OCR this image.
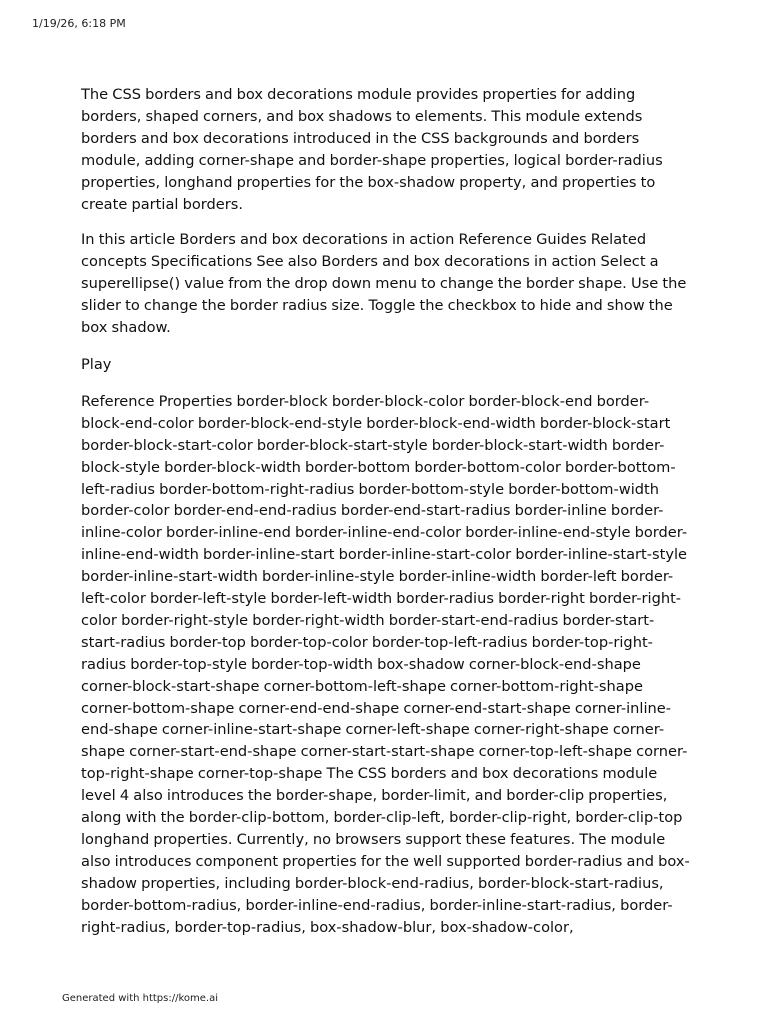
1/19/26, 6:18 PM

The CSS borders and box decorations module provides properties for adding borders, shaped corners, and box shadows to elements. This module extends borders and box decorations introduced in the CSS backgrounds and borders module, adding corner-shape and border-shape properties, logical border-radius properties, longhand properties for the box-shadow property, and properties to create partial borders.

In this article Borders and box decorations in action Reference Guides Related concepts Specifications See also Borders and box decorations in action Select a superellipse() value from the drop down menu to change the border shape. Use the slider to change the border radius size. Toggle the checkbox to hide and show the box shadow.

Play

Reference Properties border-block border-block-color border-block-end border-block-end-color border-block-end-style border-block-end-width border-block-start border-block-start-color border-block-start-style border-block-start-width border-block-style border-block-width border-bottom border-bottom-color border-bottom-left-radius border-bottom-right-radius border-bottom-style border-bottom-width border-color border-end-end-radius border-end-start-radius border-inline border-inline-color border-inline-end border-inline-end-color border-inline-end-style border-inline-end-width border-inline-start border-inline-start-color border-inline-start-style border-inline-start-width border-inline-style border-inline-width border-left border-left-color border-left-style border-left-width border-radius border-right border-right-color border-right-style border-right-width border-start-end-radius border-start-start-radius border-top border-top-color border-top-left-radius border-top-right-radius border-top-style border-top-width box-shadow corner-block-end-shape corner-block-start-shape corner-bottom-left-shape corner-bottom-right-shape corner-bottom-shape corner-end-end-shape corner-end-start-shape corner-inline-end-shape corner-inline-start-shape corner-left-shape corner-right-shape corner-shape corner-start-end-shape corner-start-start-shape corner-top-left-shape corner-top-right-shape corner-top-shape The CSS borders and box decorations module level 4 also introduces the border-shape, border-limit, and border-clip properties, along with the border-clip-bottom, border-clip-left, border-clip-right, border-clip-top longhand properties. Currently, no browsers support these features. The module also introduces component properties for the well supported border-radius and box-shadow properties, including border-block-end-radius, border-block-start-radius, border-bottom-radius, border-inline-end-radius, border-inline-start-radius, border-right-radius, border-top-radius, box-shadow-blur, box-shadow-color,

Generated with https://kome.ai
